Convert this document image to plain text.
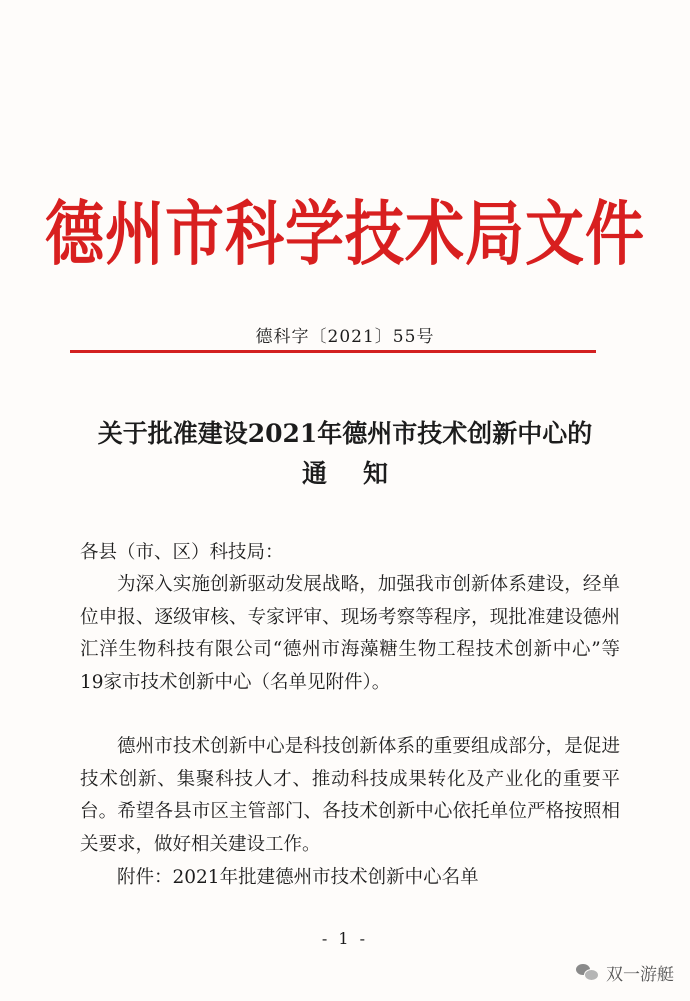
德州市科学技术局文件
德科字〔2021〕55号
关于批准建设2021年德州市技术创新中心的
通知

各县（市、区）科技局：

为深入实施创新驱动发展战略，加强我市创新体系建设，经单位申报、逐级审核、专家评审、现场考察等程序，现批准建设德州汇洋生物科技有限公司“德州市海藻糖生物工程技术创新中心”等19家市技术创新中心（名单见附件）。

德州市技术创新中心是科技创新体系的重要组成部分，是促进技术创新、集聚科技人才、推动科技成果转化及产业化的重要平台。希望各县市区主管部门、各技术创新中心依托单位严格按照相关要求，做好相关建设工作。

附件：2021年批建德州市技术创新中心名单

- 1 -
双一游艇
